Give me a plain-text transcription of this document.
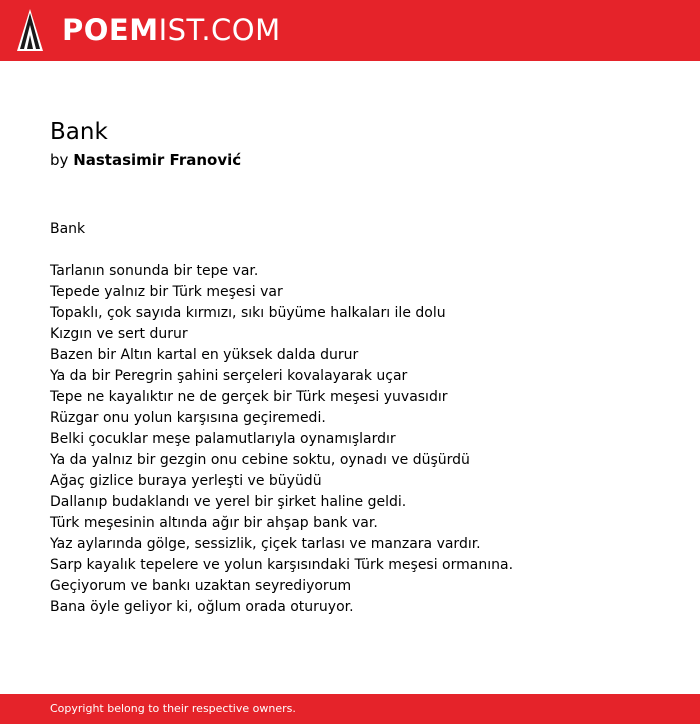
POEMIST.COM
Bank
by Nastasimir Franović
Bank
Tarlanın sonunda bir tepe var.
Tepede yalnız bir Türk meşesi var
Topaklı, çok sayıda kırmızı, sıkı büyüme halkaları ile dolu
Kızgın ve sert durur
Bazen bir Altın kartal en yüksek dalda durur
Ya da bir Peregrin şahini serçeleri kovalayarak uçar
Tepe ne kayalıktır ne de gerçek bir Türk meşesi yuvasıdır
Rüzgar onu yolun karşısına geçiremedi.
Belki çocuklar meşe palamutlarıyla oynamışlardır
Ya da yalnız bir gezgin onu cebine soktu, oynadı ve düşürdü
Ağaç gizlice buraya yerleşti ve büyüdü
Dallanıp budaklandı ve yerel bir şirket haline geldi.
Türk meşesinin altında ağır bir ahşap bank var.
Yaz aylarında gölge, sessizlik, çiçek tarlası ve manzara vardır.
Sarp kayalık tepelere ve yolun karşısındaki Türk meşesi ormanına.
Geçiyorum ve bankı uzaktan seyrediyorum
Bana öyle geliyor ki, oğlum orada oturuyor.
Copyright belong to their respective owners.
